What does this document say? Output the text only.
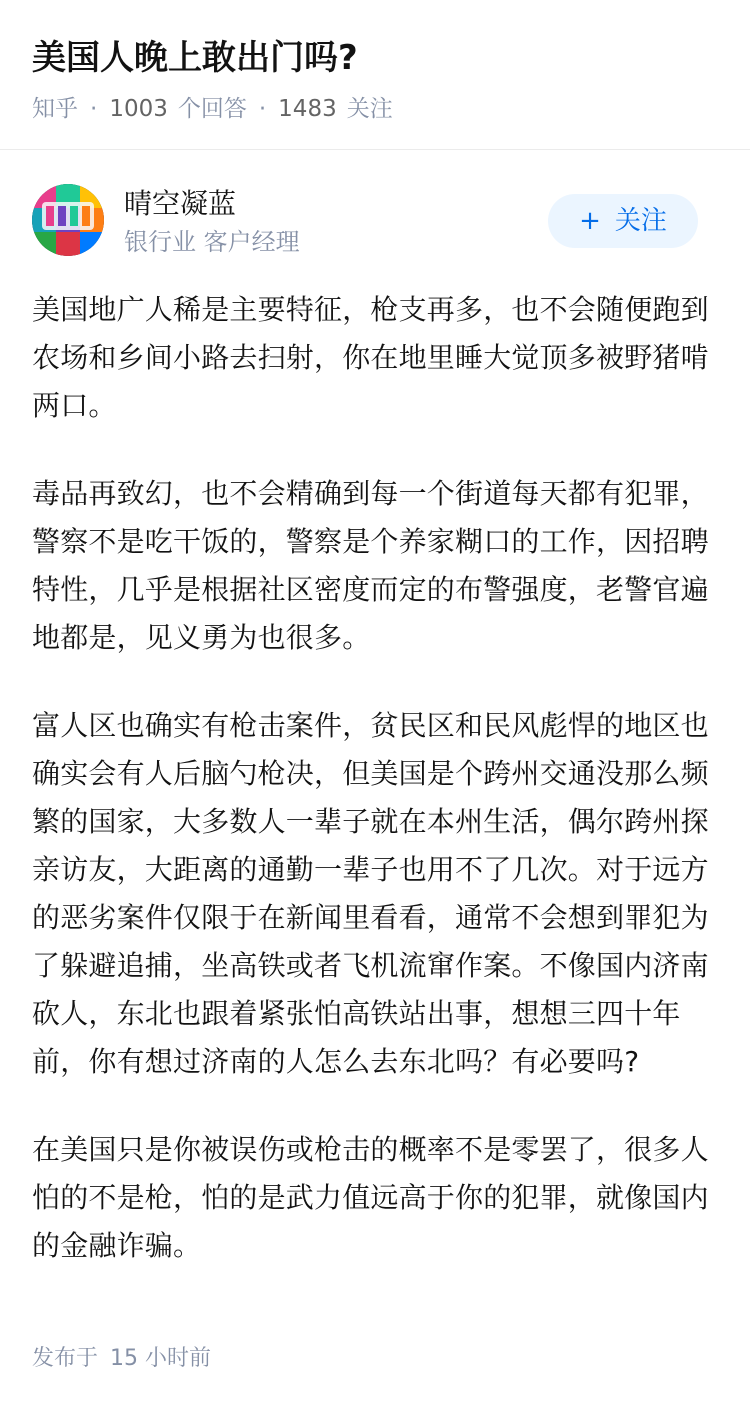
美国人晚上敢出门吗?
知乎 · 1003 个回答 · 1483 关注
晴空凝蓝
银行业 客户经理
+ 关注

美国地广人稀是主要特征，枪支再多，也不会随便跑到农场和乡间小路去扫射，你在地里睡大觉顶多被野猪啃两口。

毒品再致幻，也不会精确到每一个街道每天都有犯罪，警察不是吃干饭的，警察是个养家糊口的工作，因招聘特性，几乎是根据社区密度而定的布警强度，老警官遍地都是，见义勇为也很多。

富人区也确实有枪击案件，贫民区和民风彪悍的地区也确实会有人后脑勺枪决，但美国是个跨州交通没那么频繁的国家，大多数人一辈子就在本州生活，偶尔跨州探亲访友，大距离的通勤一辈子也用不了几次。对于远方的恶劣案件仅限于在新闻里看看，通常不会想到罪犯为了躲避追捕，坐高铁或者飞机流窜作案。不像国内济南砍人，东北也跟着紧张怕高铁站出事，想想三四十年前，你有想过济南的人怎么去东北吗？有必要吗?

在美国只是你被误伤或枪击的概率不是零罢了，很多人怕的不是枪，怕的是武力值远高于你的犯罪，就像国内的金融诈骗。

发布于 15 小时前
